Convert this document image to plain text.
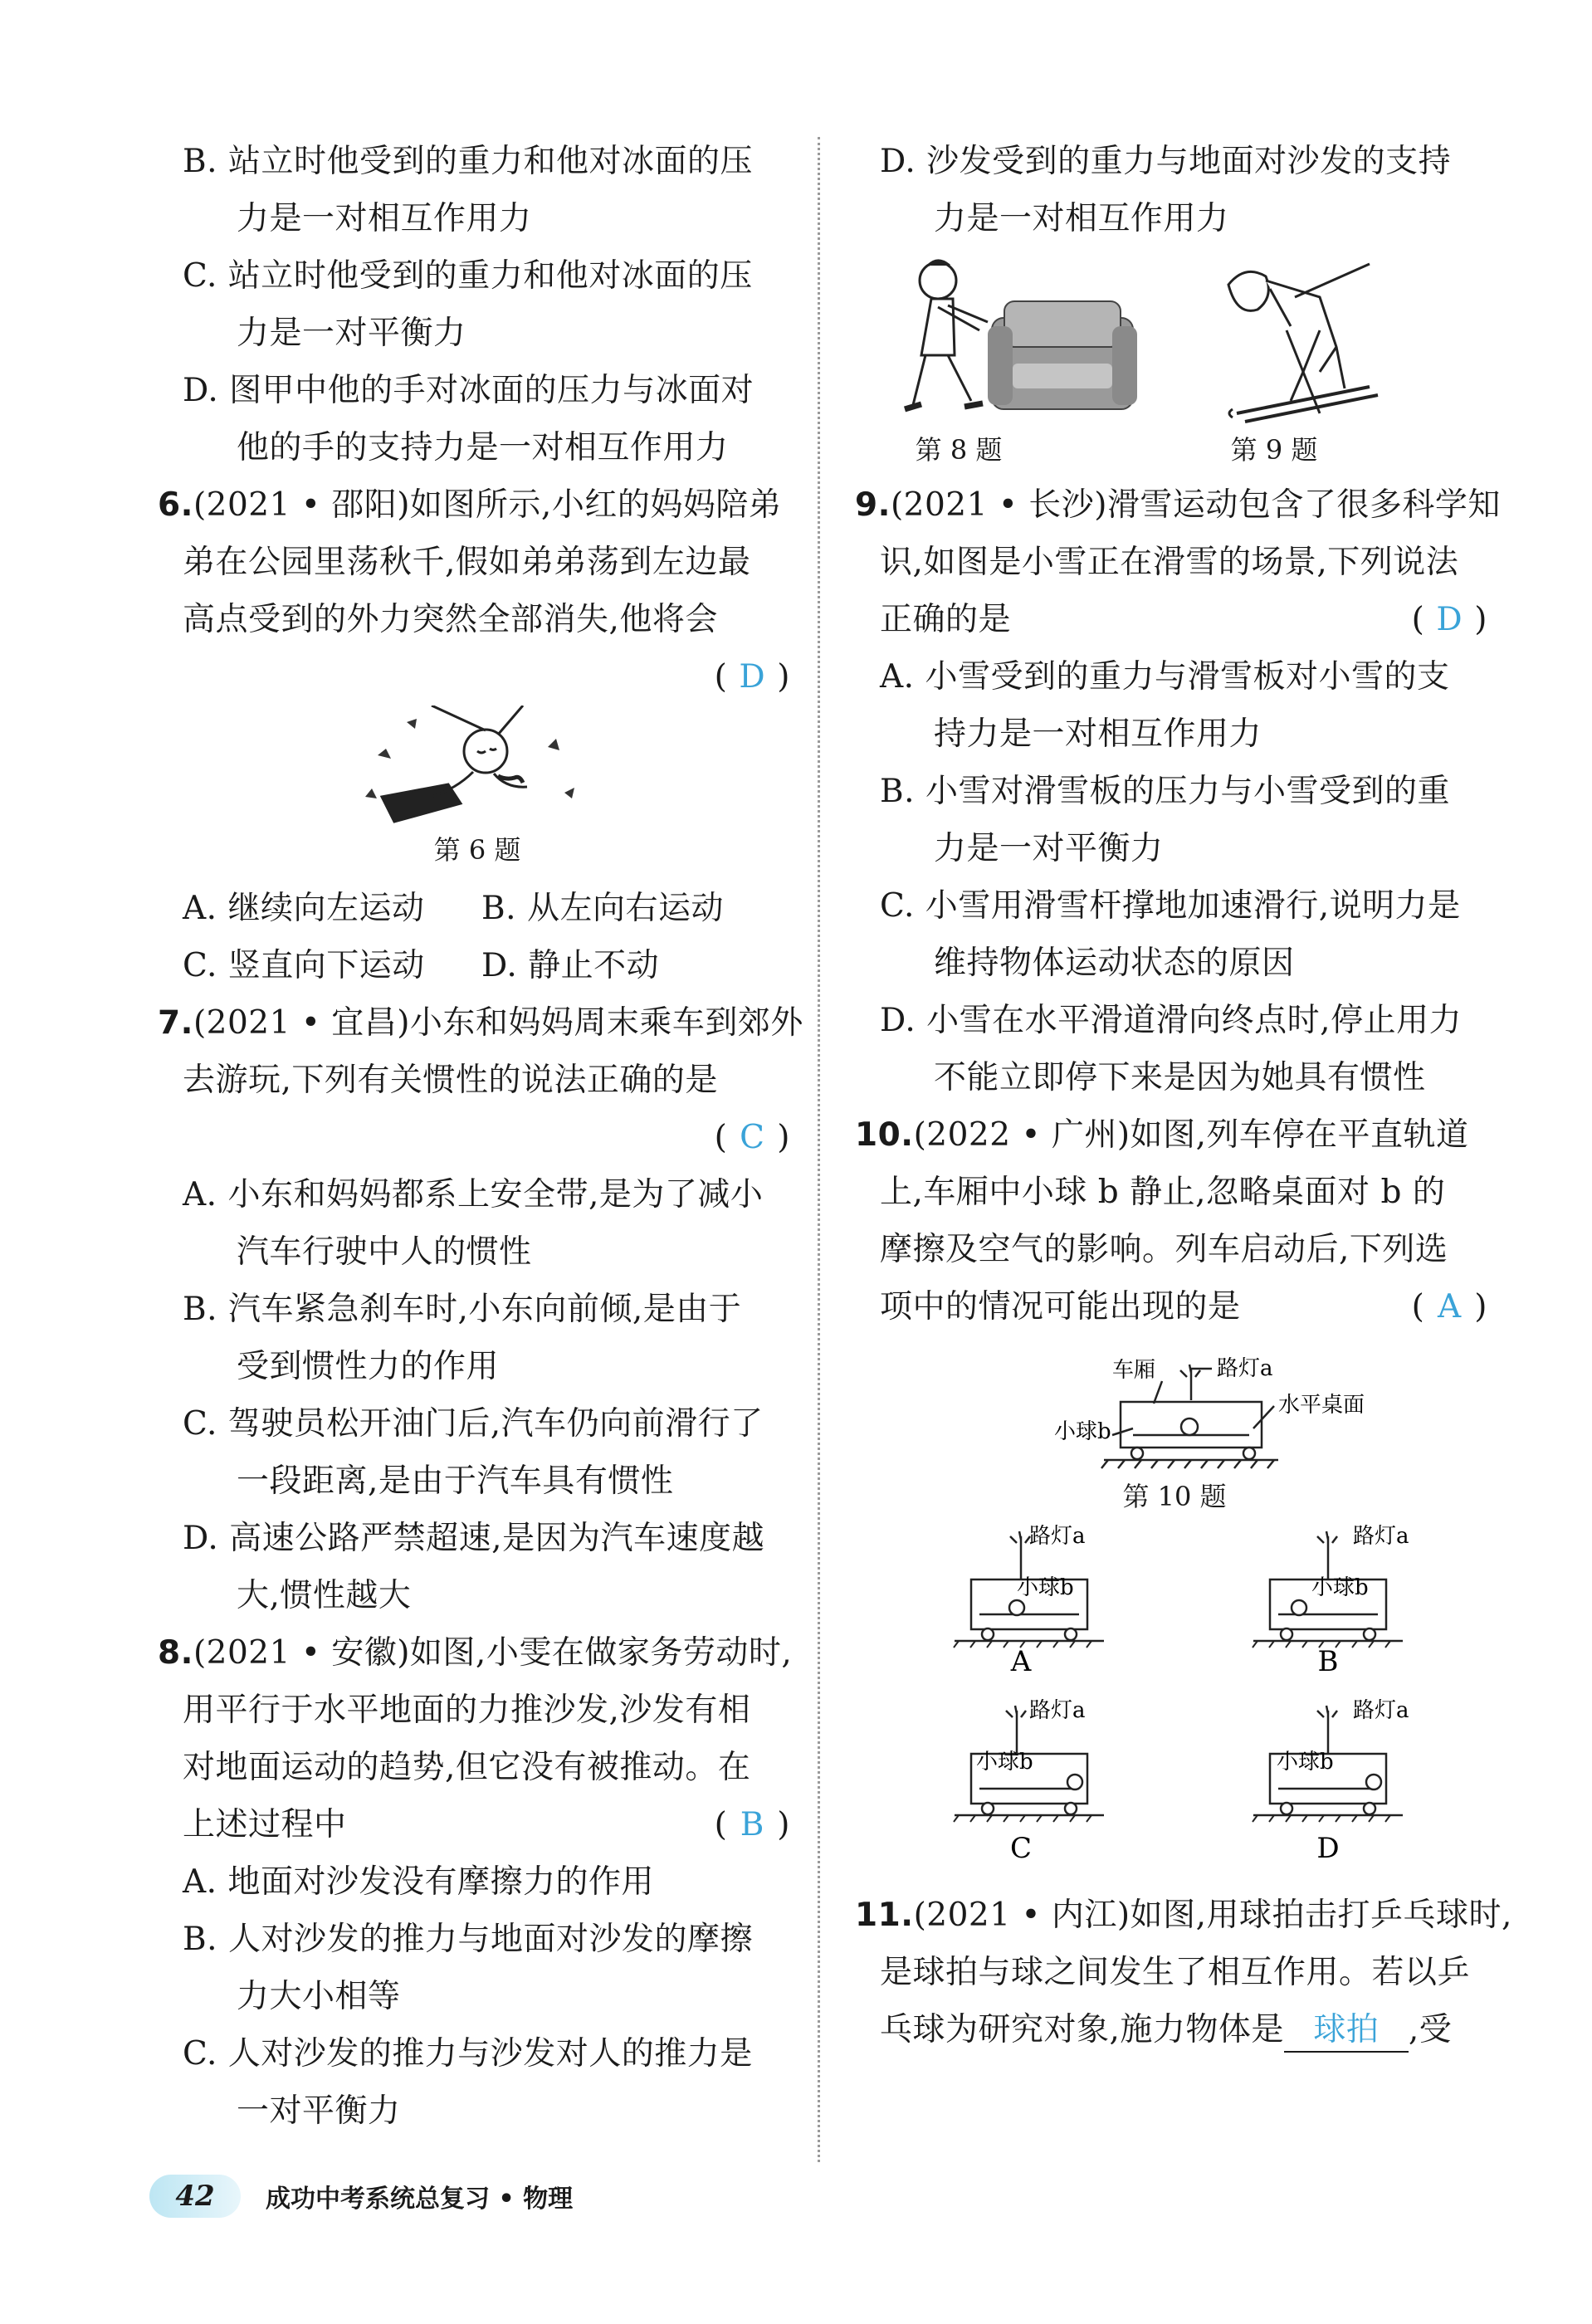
B. 站立时他受到的重力和他对冰面的压
力是一对相互作用力
C. 站立时他受到的重力和他对冰面的压
力是一对平衡力
D. 图甲中他的手对冰面的压力与冰面对
他的手的支持力是一对相互作用力
6.(2021 • 邵阳)如图所示,小红的妈妈陪弟
弟在公园里荡秋千,假如弟弟荡到左边最
高点受到的外力突然全部消失,他将会
( D )
第 6 题
A. 继续向左运动	B. 从左向右运动
C. 竖直向下运动	D. 静止不动
7.(2021 • 宜昌)小东和妈妈周末乘车到郊外
去游玩,下列有关惯性的说法正确的是
( C )
A. 小东和妈妈都系上安全带,是为了减小
汽车行驶中人的惯性
B. 汽车紧急刹车时,小东向前倾,是由于
受到惯性力的作用
C. 驾驶员松开油门后,汽车仍向前滑行了
一段距离,是由于汽车具有惯性
D. 高速公路严禁超速,是因为汽车速度越
大,惯性越大
8.(2021 • 安徽)如图,小雯在做家务劳动时,
用平行于水平地面的力推沙发,沙发有相
对地面运动的趋势,但它没有被推动。在
上述过程中	( B )
A. 地面对沙发没有摩擦力的作用
B. 人对沙发的推力与地面对沙发的摩擦
力大小相等
C. 人对沙发的推力与沙发对人的推力是
一对平衡力
D. 沙发受到的重力与地面对沙发的支持
力是一对相互作用力
第 8 题	第 9 题
9.(2021 • 长沙)滑雪运动包含了很多科学知
识,如图是小雪正在滑雪的场景,下列说法
正确的是	( D )
A. 小雪受到的重力与滑雪板对小雪的支
持力是一对相互作用力
B. 小雪对滑雪板的压力与小雪受到的重
力是一对平衡力
C. 小雪用滑雪杆撑地加速滑行,说明力是
维持物体运动状态的原因
D. 小雪在水平滑道滑向终点时,停止用力
不能立即停下来是因为她具有惯性
10.(2022 • 广州)如图,列车停在平直轨道
上,车厢中小球 b 静止,忽略桌面对 b 的
摩擦及空气的影响。列车启动后,下列选
项中的情况可能出现的是	( A )
车厢	路灯a
小球b
水平桌面
第 10 题
路灯a
小球b
A
路灯a
小球b
B
路灯a
小球b
C
路灯a
小球b
D
11.(2021 • 内江)如图,用球拍击打乒乓球时,
是球拍与球之间发生了相互作用。若以乒
乓球为研究对象,施力物体是 球拍 ,受
42	成功中考系统总复习 • 物理
